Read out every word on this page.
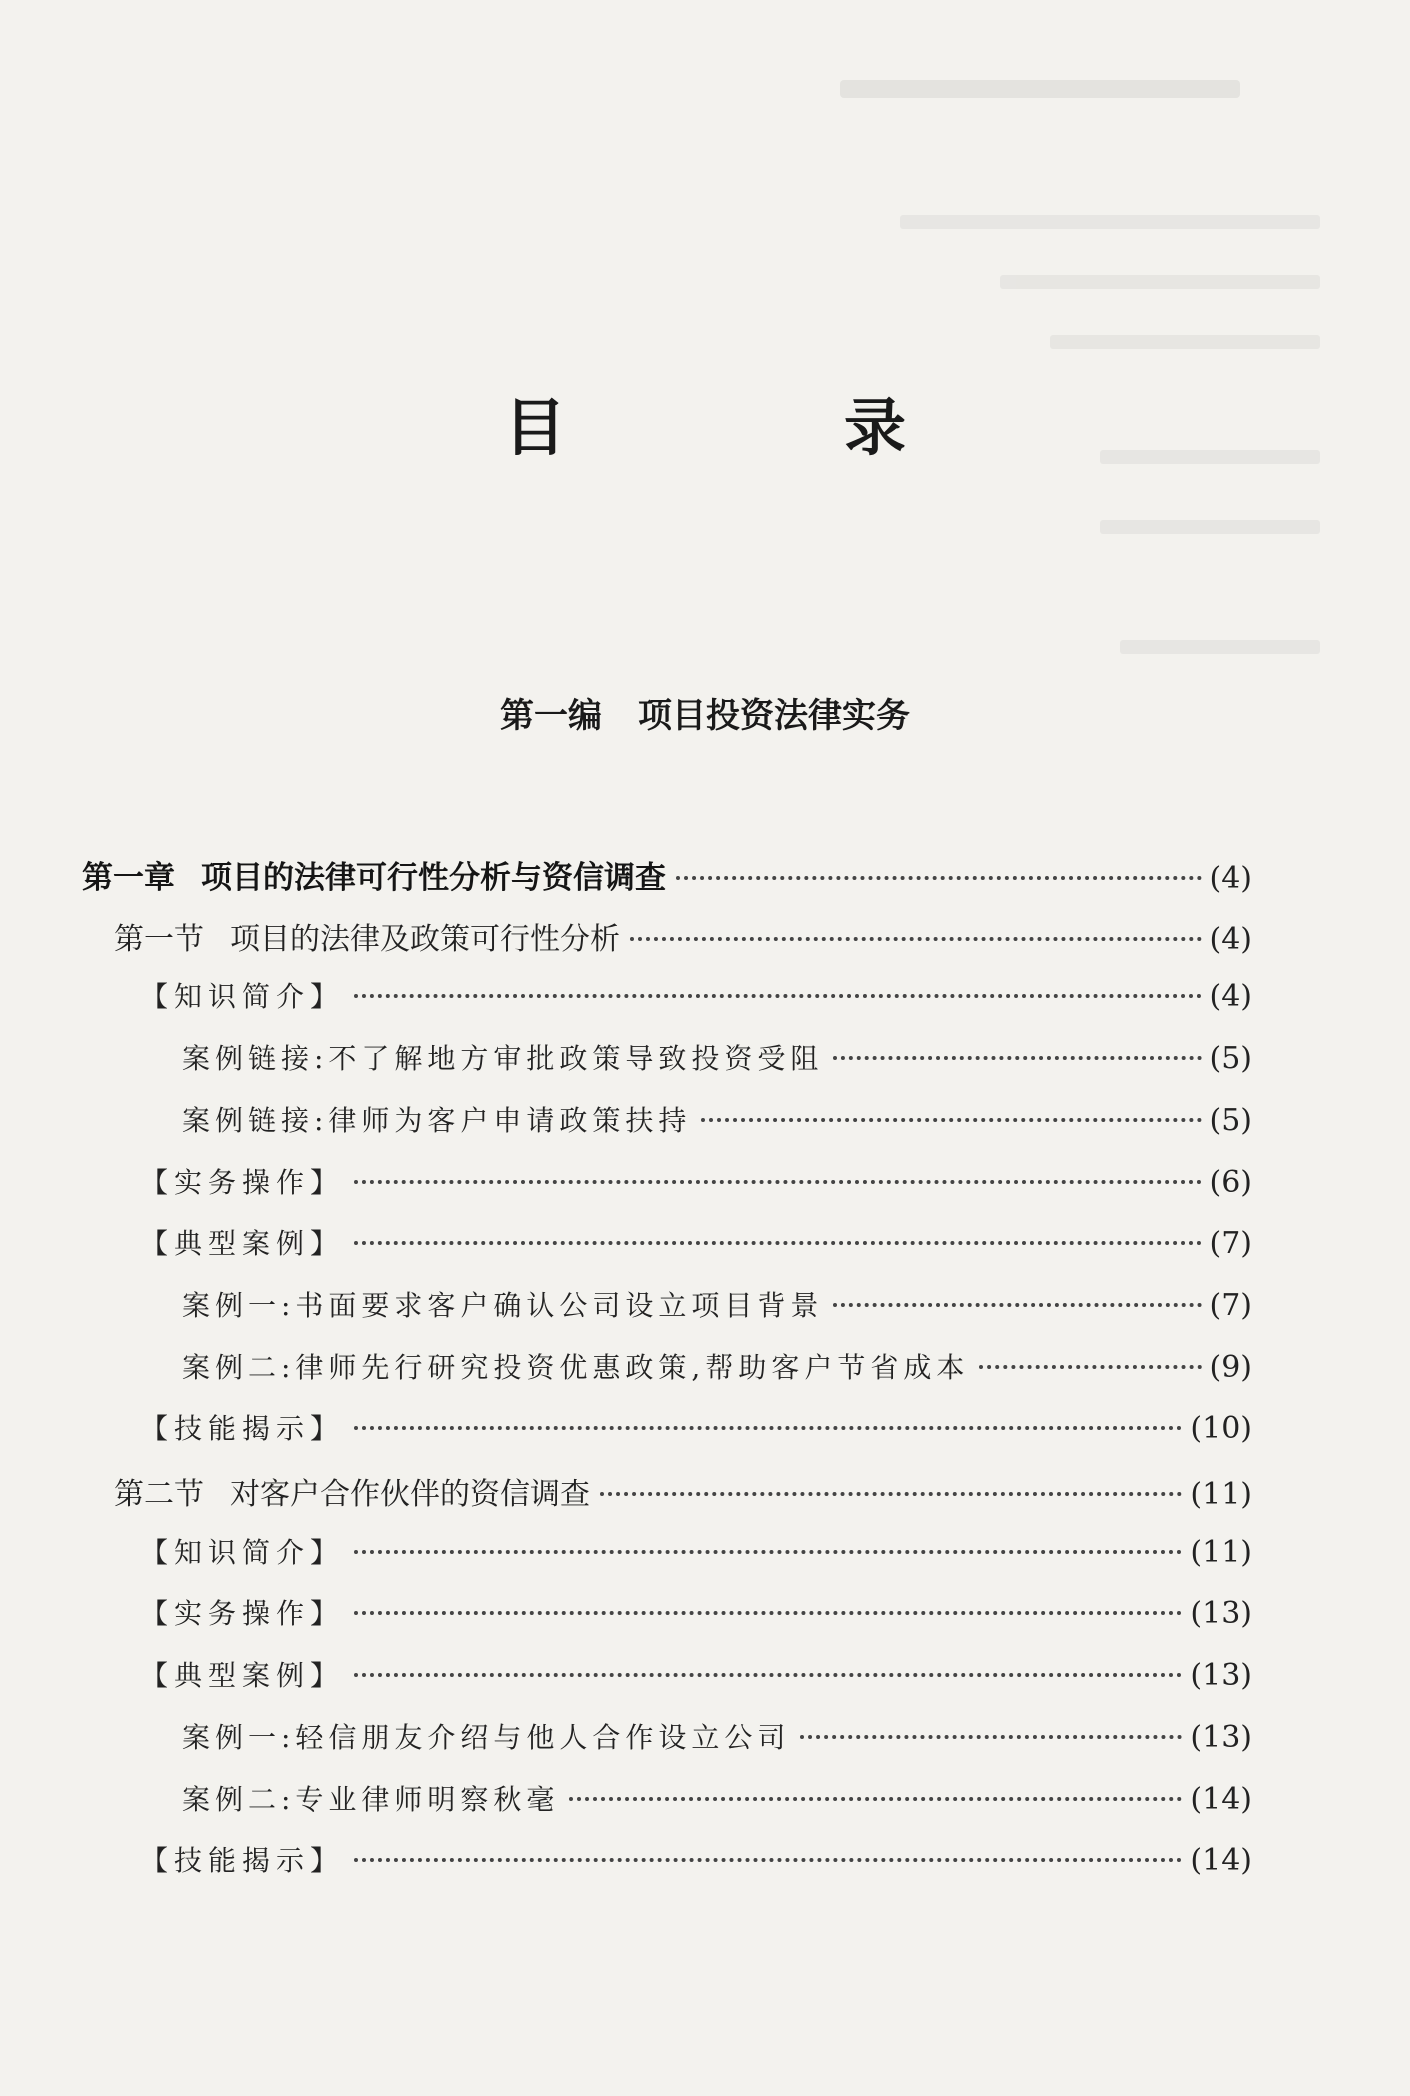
目　录
第一编 项目投资法律实务
第一章 项目的法律可行性分析与资信调查	(4)
第一节 项目的法律及政策可行性分析	(4)
【知识简介】	(4)
案例链接:不了解地方审批政策导致投资受阻	(5)
案例链接:律师为客户申请政策扶持	(5)
【实务操作】	(6)
【典型案例】	(7)
案例一:书面要求客户确认公司设立项目背景	(7)
案例二:律师先行研究投资优惠政策,帮助客户节省成本	(9)
【技能揭示】	(10)
第二节 对客户合作伙伴的资信调查	(11)
【知识简介】	(11)
【实务操作】	(13)
【典型案例】	(13)
案例一:轻信朋友介绍与他人合作设立公司	(13)
案例二:专业律师明察秋毫	(14)
【技能揭示】	(14)
